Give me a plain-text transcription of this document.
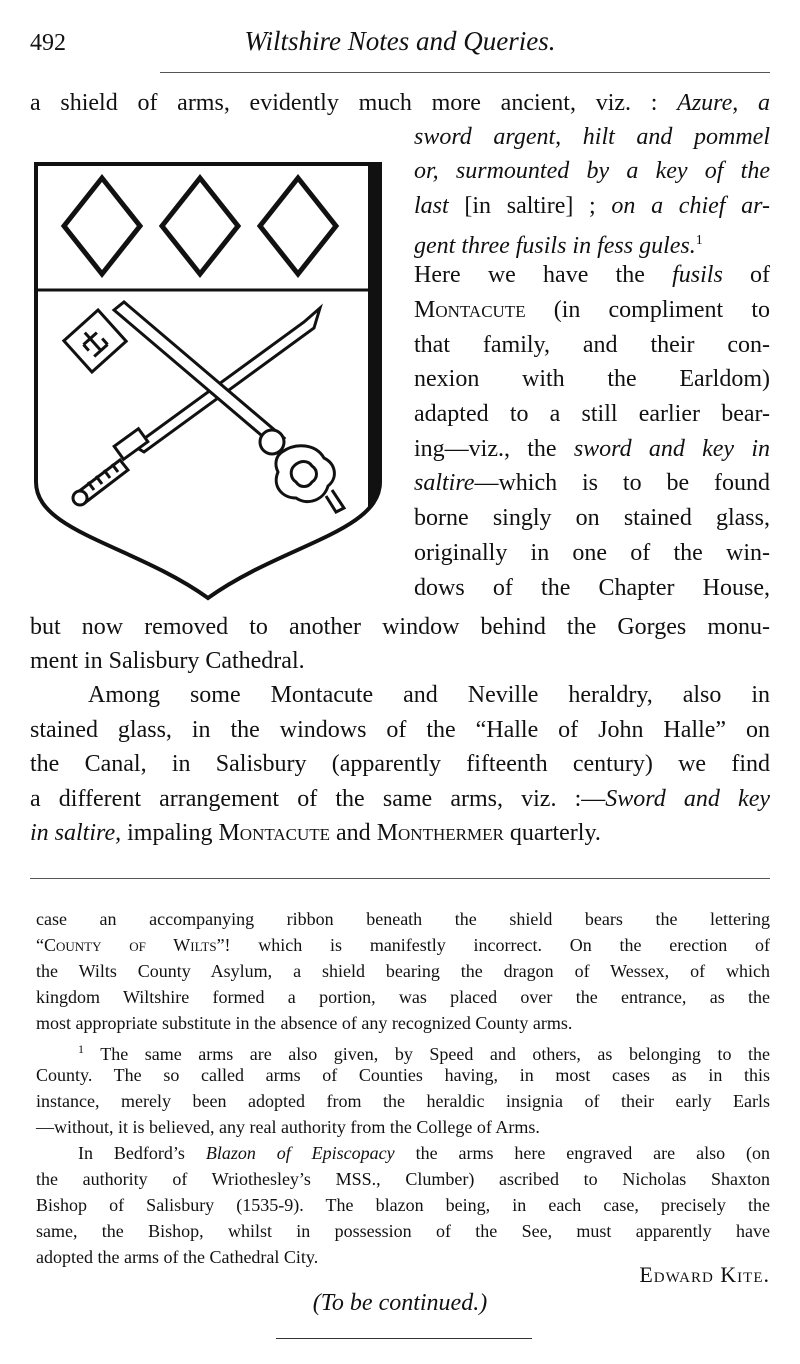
492	Wiltshire Notes and Queries.
a shield of arms, evidently much more ancient, viz. : Azure, a
sword argent, hilt and pommel
or, surmounted by a key of the
last [in saltire] ; on a chief ar-
gent three fusils in fess gules.$^1$
Here we have the fusils of
Montacute (in compliment to
that family, and their con-
nexion with the Earldom)
adapted to a still earlier bear-
ing—viz., the sword and key in
saltire—which is to be found
borne singly on stained glass,
originally in one of the win-
dows of the Chapter House,
but now removed to another window behind the Gorges monu-
ment in Salisbury Cathedral.
Among some Montacute and Neville heraldry, also in
stained glass, in the windows of the “Halle of John Halle” on
the Canal, in Salisbury (apparently fifteenth century) we find
a different arrangement of the same arms, viz. :—Sword and key
in saltire, impaling Montacute and Monthermer quarterly.
case an accompanying ribbon beneath the shield bears the lettering
“County of Wilts”! which is manifestly incorrect. On the erection of
the Wilts County Asylum, a shield bearing the dragon of Wessex, of which
kingdom Wiltshire formed a portion, was placed over the entrance, as the
most appropriate substitute in the absence of any recognized County arms.
$^1$ The same arms are also given, by Speed and others, as belonging to the
County. The so called arms of Counties having, in most cases as in this
instance, merely been adopted from the heraldic insignia of their early Earls
—without, it is believed, any real authority from the College of Arms.
In Bedford’s Blazon of Episcopacy the arms here engraved are also (on
the authority of Wriothesley’s MSS., Clumber) ascribed to Nicholas Shaxton
Bishop of Salisbury (1535-9). The blazon being, in each case, precisely the
same, the Bishop, whilst in possession of the See, must apparently have
adopted the arms of the Cathedral City.
Edward Kite.
(To be continued.)
